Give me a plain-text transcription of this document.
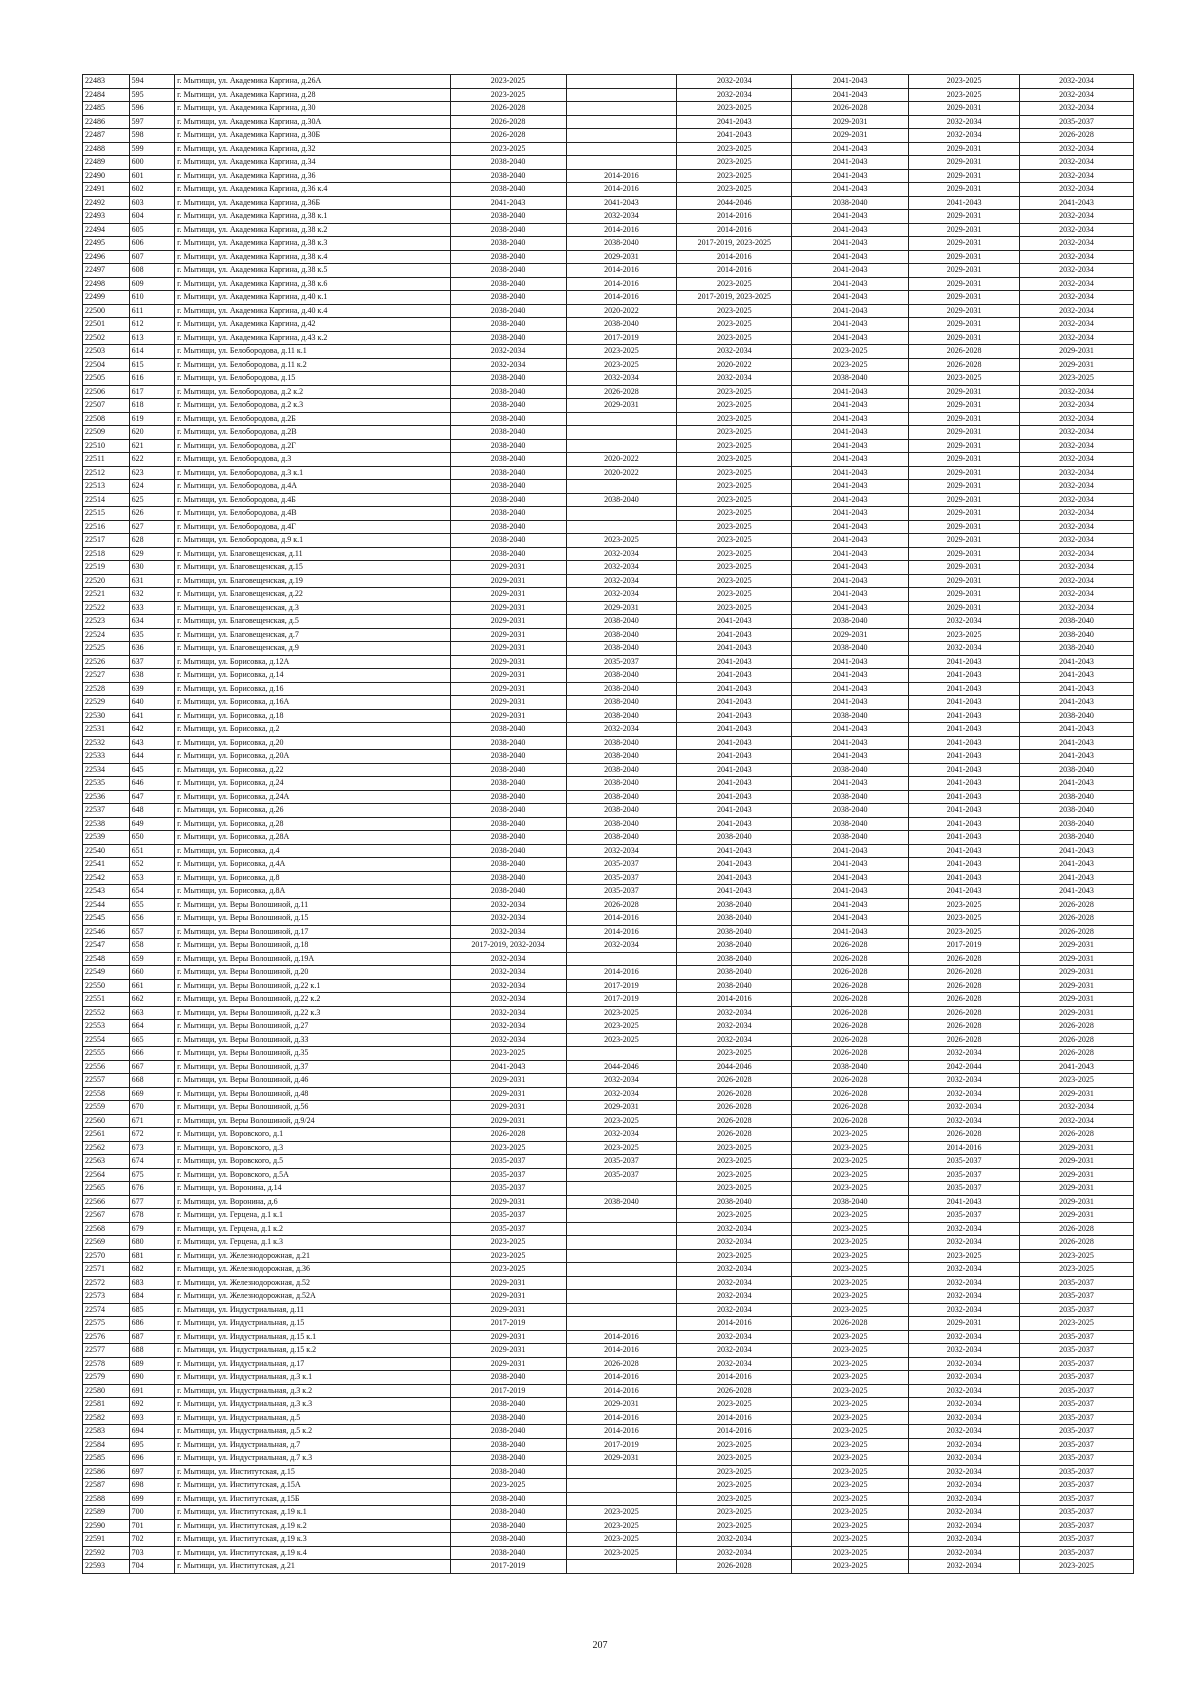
22483	594	г. Мытищи, ул. Академика Каргина, д.26А	2023-2025		2032-2034	2041-2043	2023-2025	2032-2034
22484	595	г. Мытищи, ул. Академика Каргина, д.28	2023-2025		2032-2034	2041-2043	2023-2025	2032-2034
22485	596	г. Мытищи, ул. Академика Каргина, д.30	2026-2028		2023-2025	2026-2028	2029-2031	2032-2034
22486	597	г. Мытищи, ул. Академика Каргина, д.30А	2026-2028		2041-2043	2029-2031	2032-2034	2035-2037
22487	598	г. Мытищи, ул. Академика Каргина, д.30Б	2026-2028		2041-2043	2029-2031	2032-2034	2026-2028
22488	599	г. Мытищи, ул. Академика Каргина, д.32	2023-2025		2023-2025	2041-2043	2029-2031	2032-2034
22489	600	г. Мытищи, ул. Академика Каргина, д.34	2038-2040		2023-2025	2041-2043	2029-2031	2032-2034
22490	601	г. Мытищи, ул. Академика Каргина, д.36	2038-2040	2014-2016	2023-2025	2041-2043	2029-2031	2032-2034
22491	602	г. Мытищи, ул. Академика Каргина, д.36 к.4	2038-2040	2014-2016	2023-2025	2041-2043	2029-2031	2032-2034
22492	603	г. Мытищи, ул. Академика Каргина, д.36Б	2041-2043	2041-2043	2044-2046	2038-2040	2041-2043	2041-2043
22493	604	г. Мытищи, ул. Академика Каргина, д.38 к.1	2038-2040	2032-2034	2014-2016	2041-2043	2029-2031	2032-2034
22494	605	г. Мытищи, ул. Академика Каргина, д.38 к.2	2038-2040	2014-2016	2014-2016	2041-2043	2029-2031	2032-2034
22495	606	г. Мытищи, ул. Академика Каргина, д.38 к.3	2038-2040	2038-2040	2017-2019, 2023-2025	2041-2043	2029-2031	2032-2034
22496	607	г. Мытищи, ул. Академика Каргина, д.38 к.4	2038-2040	2029-2031	2014-2016	2041-2043	2029-2031	2032-2034
22497	608	г. Мытищи, ул. Академика Каргина, д.38 к.5	2038-2040	2014-2016	2014-2016	2041-2043	2029-2031	2032-2034
22498	609	г. Мытищи, ул. Академика Каргина, д.38 к.6	2038-2040	2014-2016	2023-2025	2041-2043	2029-2031	2032-2034
22499	610	г. Мытищи, ул. Академика Каргина, д.40 к.1	2038-2040	2014-2016	2017-2019, 2023-2025	2041-2043	2029-2031	2032-2034
22500	611	г. Мытищи, ул. Академика Каргина, д.40 к.4	2038-2040	2020-2022	2023-2025	2041-2043	2029-2031	2032-2034
22501	612	г. Мытищи, ул. Академика Каргина, д.42	2038-2040	2038-2040	2023-2025	2041-2043	2029-2031	2032-2034
22502	613	г. Мытищи, ул. Академика Каргина, д.43 к.2	2038-2040	2017-2019	2023-2025	2041-2043	2029-2031	2032-2034
22503	614	г. Мытищи, ул. Белобородова, д.11 к.1	2032-2034	2023-2025	2032-2034	2023-2025	2026-2028	2029-2031
22504	615	г. Мытищи, ул. Белобородова, д.11 к.2	2032-2034	2023-2025	2020-2022	2023-2025	2026-2028	2029-2031
22505	616	г. Мытищи, ул. Белобородова, д.15	2038-2040	2032-2034	2032-2034	2038-2040	2023-2025	2023-2025
22506	617	г. Мытищи, ул. Белобородова, д.2 к.2	2038-2040	2026-2028	2023-2025	2041-2043	2029-2031	2032-2034
22507	618	г. Мытищи, ул. Белобородова, д.2 к.3	2038-2040	2029-2031	2023-2025	2041-2043	2029-2031	2032-2034
22508	619	г. Мытищи, ул. Белобородова, д.2Б	2038-2040		2023-2025	2041-2043	2029-2031	2032-2034
22509	620	г. Мытищи, ул. Белобородова, д.2В	2038-2040		2023-2025	2041-2043	2029-2031	2032-2034
22510	621	г. Мытищи, ул. Белобородова, д.2Г	2038-2040		2023-2025	2041-2043	2029-2031	2032-2034
22511	622	г. Мытищи, ул. Белобородова, д.3	2038-2040	2020-2022	2023-2025	2041-2043	2029-2031	2032-2034
22512	623	г. Мытищи, ул. Белобородова, д.3 к.1	2038-2040	2020-2022	2023-2025	2041-2043	2029-2031	2032-2034
22513	624	г. Мытищи, ул. Белобородова, д.4А	2038-2040		2023-2025	2041-2043	2029-2031	2032-2034
22514	625	г. Мытищи, ул. Белобородова, д.4Б	2038-2040	2038-2040	2023-2025	2041-2043	2029-2031	2032-2034
22515	626	г. Мытищи, ул. Белобородова, д.4В	2038-2040		2023-2025	2041-2043	2029-2031	2032-2034
22516	627	г. Мытищи, ул. Белобородова, д.4Г	2038-2040		2023-2025	2041-2043	2029-2031	2032-2034
22517	628	г. Мытищи, ул. Белобородова, д.9 к.1	2038-2040	2023-2025	2023-2025	2041-2043	2029-2031	2032-2034
22518	629	г. Мытищи, ул. Благовещенская, д.11	2038-2040	2032-2034	2023-2025	2041-2043	2029-2031	2032-2034
22519	630	г. Мытищи, ул. Благовещенская, д.15	2029-2031	2032-2034	2023-2025	2041-2043	2029-2031	2032-2034
22520	631	г. Мытищи, ул. Благовещенская, д.19	2029-2031	2032-2034	2023-2025	2041-2043	2029-2031	2032-2034
22521	632	г. Мытищи, ул. Благовещенская, д.22	2029-2031	2032-2034	2023-2025	2041-2043	2029-2031	2032-2034
22522	633	г. Мытищи, ул. Благовещенская, д.3	2029-2031	2029-2031	2023-2025	2041-2043	2029-2031	2032-2034
22523	634	г. Мытищи, ул. Благовещенская, д.5	2029-2031	2038-2040	2041-2043	2038-2040	2032-2034	2038-2040
22524	635	г. Мытищи, ул. Благовещенская, д.7	2029-2031	2038-2040	2041-2043	2029-2031	2023-2025	2038-2040
22525	636	г. Мытищи, ул. Благовещенская, д.9	2029-2031	2038-2040	2041-2043	2038-2040	2032-2034	2038-2040
22526	637	г. Мытищи, ул. Борисовка, д.12А	2029-2031	2035-2037	2041-2043	2041-2043	2041-2043	2041-2043
22527	638	г. Мытищи, ул. Борисовка, д.14	2029-2031	2038-2040	2041-2043	2041-2043	2041-2043	2041-2043
22528	639	г. Мытищи, ул. Борисовка, д.16	2029-2031	2038-2040	2041-2043	2041-2043	2041-2043	2041-2043
22529	640	г. Мытищи, ул. Борисовка, д.16А	2029-2031	2038-2040	2041-2043	2041-2043	2041-2043	2041-2043
22530	641	г. Мытищи, ул. Борисовка, д.18	2029-2031	2038-2040	2041-2043	2038-2040	2041-2043	2038-2040
22531	642	г. Мытищи, ул. Борисовка, д.2	2038-2040	2032-2034	2041-2043	2041-2043	2041-2043	2041-2043
22532	643	г. Мытищи, ул. Борисовка, д.20	2038-2040	2038-2040	2041-2043	2041-2043	2041-2043	2041-2043
22533	644	г. Мытищи, ул. Борисовка, д.20А	2038-2040	2038-2040	2041-2043	2041-2043	2041-2043	2041-2043
22534	645	г. Мытищи, ул. Борисовка, д.22	2038-2040	2038-2040	2041-2043	2038-2040	2041-2043	2038-2040
22535	646	г. Мытищи, ул. Борисовка, д.24	2038-2040	2038-2040	2041-2043	2041-2043	2041-2043	2041-2043
22536	647	г. Мытищи, ул. Борисовка, д.24А	2038-2040	2038-2040	2041-2043	2038-2040	2041-2043	2038-2040
22537	648	г. Мытищи, ул. Борисовка, д.26	2038-2040	2038-2040	2041-2043	2038-2040	2041-2043	2038-2040
22538	649	г. Мытищи, ул. Борисовка, д.28	2038-2040	2038-2040	2041-2043	2038-2040	2041-2043	2038-2040
22539	650	г. Мытищи, ул. Борисовка, д.28А	2038-2040	2038-2040	2038-2040	2038-2040	2041-2043	2038-2040
22540	651	г. Мытищи, ул. Борисовка, д.4	2038-2040	2032-2034	2041-2043	2041-2043	2041-2043	2041-2043
22541	652	г. Мытищи, ул. Борисовка, д.4А	2038-2040	2035-2037	2041-2043	2041-2043	2041-2043	2041-2043
22542	653	г. Мытищи, ул. Борисовка, д.8	2038-2040	2035-2037	2041-2043	2041-2043	2041-2043	2041-2043
22543	654	г. Мытищи, ул. Борисовка, д.8А	2038-2040	2035-2037	2041-2043	2041-2043	2041-2043	2041-2043
22544	655	г. Мытищи, ул. Веры Волошиной, д.11	2032-2034	2026-2028	2038-2040	2041-2043	2023-2025	2026-2028
22545	656	г. Мытищи, ул. Веры Волошиной, д.15	2032-2034	2014-2016	2038-2040	2041-2043	2023-2025	2026-2028
22546	657	г. Мытищи, ул. Веры Волошиной, д.17	2032-2034	2014-2016	2038-2040	2041-2043	2023-2025	2026-2028
22547	658	г. Мытищи, ул. Веры Волошиной, д.18	2017-2019, 2032-2034	2032-2034	2038-2040	2026-2028	2017-2019	2029-2031
22548	659	г. Мытищи, ул. Веры Волошиной, д.19А	2032-2034		2038-2040	2026-2028	2026-2028	2029-2031
22549	660	г. Мытищи, ул. Веры Волошиной, д.20	2032-2034	2014-2016	2038-2040	2026-2028	2026-2028	2029-2031
22550	661	г. Мытищи, ул. Веры Волошиной, д.22 к.1	2032-2034	2017-2019	2038-2040	2026-2028	2026-2028	2029-2031
22551	662	г. Мытищи, ул. Веры Волошиной, д.22 к.2	2032-2034	2017-2019	2014-2016	2026-2028	2026-2028	2029-2031
22552	663	г. Мытищи, ул. Веры Волошиной, д.22 к.3	2032-2034	2023-2025	2032-2034	2026-2028	2026-2028	2029-2031
22553	664	г. Мытищи, ул. Веры Волошиной, д.27	2032-2034	2023-2025	2032-2034	2026-2028	2026-2028	2026-2028
22554	665	г. Мытищи, ул. Веры Волошиной, д.33	2032-2034	2023-2025	2032-2034	2026-2028	2026-2028	2026-2028
22555	666	г. Мытищи, ул. Веры Волошиной, д.35	2023-2025		2023-2025	2026-2028	2032-2034	2026-2028
22556	667	г. Мытищи, ул. Веры Волошиной, д.37	2041-2043	2044-2046	2044-2046	2038-2040	2042-2044	2041-2043
22557	668	г. Мытищи, ул. Веры Волошиной, д.46	2029-2031	2032-2034	2026-2028	2026-2028	2032-2034	2023-2025
22558	669	г. Мытищи, ул. Веры Волошиной, д.48	2029-2031	2032-2034	2026-2028	2026-2028	2032-2034	2029-2031
22559	670	г. Мытищи, ул. Веры Волошиной, д.56	2029-2031	2029-2031	2026-2028	2026-2028	2032-2034	2032-2034
22560	671	г. Мытищи, ул. Веры Волошиной, д.9/24	2029-2031	2023-2025	2026-2028	2026-2028	2032-2034	2032-2034
22561	672	г. Мытищи, ул. Воровского, д.1	2026-2028	2032-2034	2026-2028	2023-2025	2026-2028	2026-2028
22562	673	г. Мытищи, ул. Воровского, д.3	2023-2025	2023-2025	2023-2025	2023-2025	2014-2016	2029-2031
22563	674	г. Мытищи, ул. Воровского, д.5	2035-2037	2035-2037	2023-2025	2023-2025	2035-2037	2029-2031
22564	675	г. Мытищи, ул. Воровского, д.5А	2035-2037	2035-2037	2023-2025	2023-2025	2035-2037	2029-2031
22565	676	г. Мытищи, ул. Воронина, д.14	2035-2037		2023-2025	2023-2025	2035-2037	2029-2031
22566	677	г. Мытищи, ул. Воронина, д.6	2029-2031	2038-2040	2038-2040	2038-2040	2041-2043	2029-2031
22567	678	г. Мытищи, ул. Герцена, д.1 к.1	2035-2037		2023-2025	2023-2025	2035-2037	2029-2031
22568	679	г. Мытищи, ул. Герцена, д.1 к.2	2035-2037		2032-2034	2023-2025	2032-2034	2026-2028
22569	680	г. Мытищи, ул. Герцена, д.1 к.3	2023-2025		2032-2034	2023-2025	2032-2034	2026-2028
22570	681	г. Мытищи, ул. Железнодорожная, д.21	2023-2025		2023-2025	2023-2025	2023-2025	2023-2025
22571	682	г. Мытищи, ул. Железнодорожная, д.36	2023-2025		2032-2034	2023-2025	2032-2034	2023-2025
22572	683	г. Мытищи, ул. Железнодорожная, д.52	2029-2031		2032-2034	2023-2025	2032-2034	2035-2037
22573	684	г. Мытищи, ул. Железнодорожная, д.52А	2029-2031		2032-2034	2023-2025	2032-2034	2035-2037
22574	685	г. Мытищи, ул. Индустриальная, д.11	2029-2031		2032-2034	2023-2025	2032-2034	2035-2037
22575	686	г. Мытищи, ул. Индустриальная, д.15	2017-2019		2014-2016	2026-2028	2029-2031	2023-2025
22576	687	г. Мытищи, ул. Индустриальная, д.15 к.1	2029-2031	2014-2016	2032-2034	2023-2025	2032-2034	2035-2037
22577	688	г. Мытищи, ул. Индустриальная, д.15 к.2	2029-2031	2014-2016	2032-2034	2023-2025	2032-2034	2035-2037
22578	689	г. Мытищи, ул. Индустриальная, д.17	2029-2031	2026-2028	2032-2034	2023-2025	2032-2034	2035-2037
22579	690	г. Мытищи, ул. Индустриальная, д.3 к.1	2038-2040	2014-2016	2014-2016	2023-2025	2032-2034	2035-2037
22580	691	г. Мытищи, ул. Индустриальная, д.3 к.2	2017-2019	2014-2016	2026-2028	2023-2025	2032-2034	2035-2037
22581	692	г. Мытищи, ул. Индустриальная, д.3 к.3	2038-2040	2029-2031	2023-2025	2023-2025	2032-2034	2035-2037
22582	693	г. Мытищи, ул. Индустриальная, д.5	2038-2040	2014-2016	2014-2016	2023-2025	2032-2034	2035-2037
22583	694	г. Мытищи, ул. Индустриальная, д.5 к.2	2038-2040	2014-2016	2014-2016	2023-2025	2032-2034	2035-2037
22584	695	г. Мытищи, ул. Индустриальная, д.7	2038-2040	2017-2019	2023-2025	2023-2025	2032-2034	2035-2037
22585	696	г. Мытищи, ул. Индустриальная, д.7 к.3	2038-2040	2029-2031	2023-2025	2023-2025	2032-2034	2035-2037
22586	697	г. Мытищи, ул. Институтская, д.15	2038-2040		2023-2025	2023-2025	2032-2034	2035-2037
22587	698	г. Мытищи, ул. Институтская, д.15А	2023-2025		2023-2025	2023-2025	2032-2034	2035-2037
22588	699	г. Мытищи, ул. Институтская, д.15Б	2038-2040		2023-2025	2023-2025	2032-2034	2035-2037
22589	700	г. Мытищи, ул. Институтская, д.19 к.1	2038-2040	2023-2025	2023-2025	2023-2025	2032-2034	2035-2037
22590	701	г. Мытищи, ул. Институтская, д.19 к.2	2038-2040	2023-2025	2023-2025	2023-2025	2032-2034	2035-2037
22591	702	г. Мытищи, ул. Институтская, д.19 к.3	2038-2040	2023-2025	2032-2034	2023-2025	2032-2034	2035-2037
22592	703	г. Мытищи, ул. Институтская, д.19 к.4	2038-2040	2023-2025	2032-2034	2023-2025	2032-2034	2035-2037
22593	704	г. Мытищи, ул. Институтская, д.21	2017-2019		2026-2028	2023-2025	2032-2034	2023-2025
207
